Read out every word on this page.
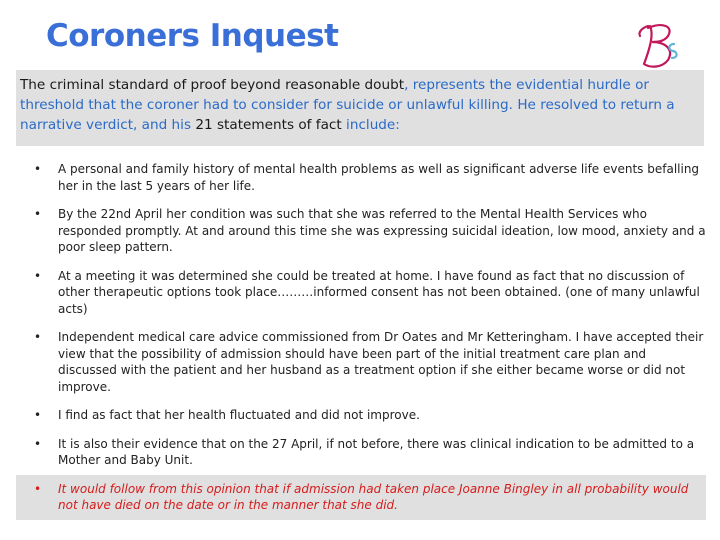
Coroners Inquest
The criminal standard of proof beyond reasonable doubt, represents the evidential hurdle or threshold that the coroner had to consider for suicide or unlawful killing. He resolved to return a narrative verdict, and his 21 statements of fact include:
• A personal and family history of mental health problems as well as significant adverse life events befalling her in the last 5 years of her life.
• By the 22nd April her condition was such that she was referred to the Mental Health Services who responded promptly. At and around this time she was expressing suicidal ideation, low mood, anxiety and a poor sleep pattern.
• At a meeting it was determined she could be treated at home. I have found as fact that no discussion of other therapeutic options took place………informed consent has not been obtained. (one of many unlawful acts)
• Independent medical care advice commissioned from Dr Oates and Mr Ketteringham. I have accepted their view that the possibility of admission should have been part of the initial treatment care plan and discussed with the patient and her husband as a treatment option if she either became worse or did not improve.
• I find as fact that her health fluctuated and did not improve.
• It is also their evidence that on the 27 April, if not before, there was clinical indication to be admitted to a Mother and Baby Unit.
• It would follow from this opinion that if admission had taken place Joanne Bingley in all probability would not have died on the date or in the manner that she did.
